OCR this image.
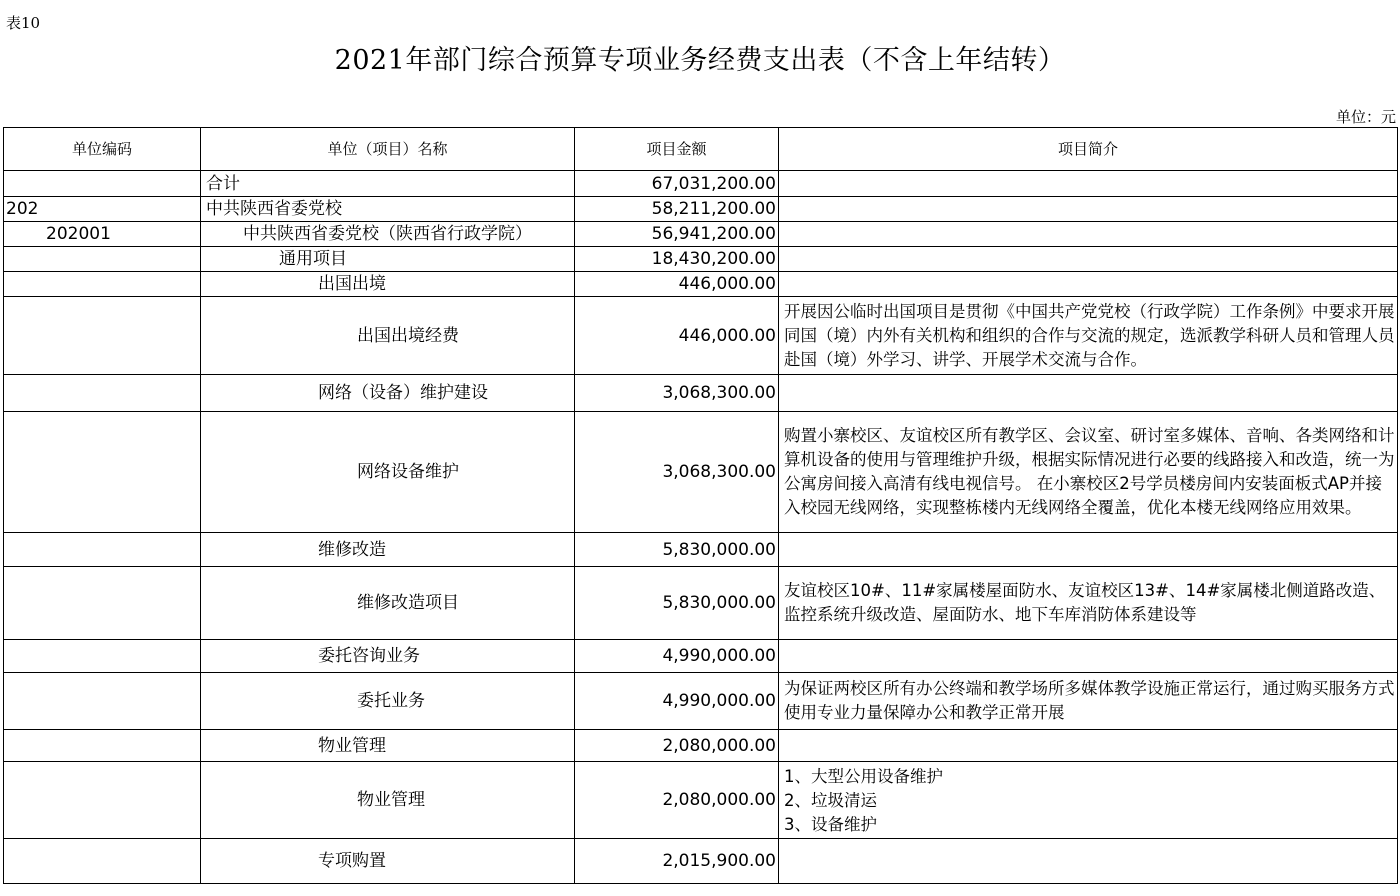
表10
2021年部门综合预算专项业务经费支出表（不含上年结转）
单位：元
单位编码	单位（项目）名称	项目金额	项目简介
	合计	67,031,200.00	
202	中共陕西省委党校	58,211,200.00	
202001	中共陕西省委党校（陕西省行政学院）	56,941,200.00	
	通用项目	18,430,200.00	
	出国出境	446,000.00	
	出国出境经费	446,000.00	开展因公临时出国项目是贯彻《中国共产党党校（行政学院）工作条例》中要求开展同国（境）内外有关机构和组织的合作与交流的规定，选派教学科研人员和管理人员赴国（境）外学习、讲学、开展学术交流与合作。
	网络（设备）维护建设	3,068,300.00	
	网络设备维护	3,068,300.00	购置小寨校区、友谊校区所有教学区、会议室、研讨室多媒体、音响、各类网络和计算机设备的使用与管理维护升级，根据实际情况进行必要的线路接入和改造，统一为公寓房间接入高清有线电视信号。 在小寨校区2号学员楼房间内安装面板式AP并接入校园无线网络，实现整栋楼内无线网络全覆盖，优化本楼无线网络应用效果。
	维修改造	5,830,000.00	
	维修改造项目	5,830,000.00	友谊校区10#、11#家属楼屋面防水、友谊校区13#、14#家属楼北侧道路改造、监控系统升级改造、屋面防水、地下车库消防体系建设等
	委托咨询业务	4,990,000.00	
	委托业务	4,990,000.00	为保证两校区所有办公终端和教学场所多媒体教学设施正常运行，通过购买服务方式使用专业力量保障办公和教学正常开展
	物业管理	2,080,000.00	
	物业管理	2,080,000.00	1、大型公用设备维护
2、垃圾清运
3、设备维护

	专项购置	2,015,900.00	
